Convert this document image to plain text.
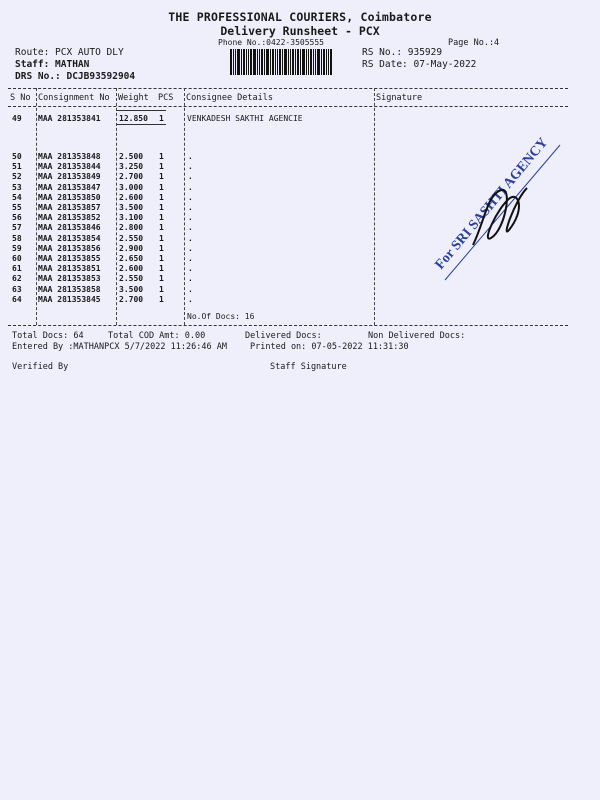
THE PROFESSIONAL COURIERS, Coimbatore
Delivery Runsheet - PCX
Phone No.:0422-3505555	Page No.:4
Route: PCX AUTO DLY
Staff: MATHAN
DRS No.: DCJB93592904
RS No.: 935929
RS Date: 07-May-2022
S No Consignment No Weight PCS Consignee Details	Signature
49 MAA 281353841 12.850 1	VENKADESH SAKTHI AGENCIE
50 MAA 281353848 2.500 1	.
51 MAA 281353844 3.250 1	.
52 MAA 281353849 2.700 1	.
53 MAA 281353847 3.000 1	.
54 MAA 281353850 2.600 1	.
55 MAA 281353857 3.500 1	.
56 MAA 281353852 3.100 1	.
57 MAA 281353846 2.800 1	.
58 MAA 281353854 2.550 1	.
59 MAA 281353856 2.900 1	.
60 MAA 281353855 2.650 1	.
61 MAA 281353851 2.600 1	.
62 MAA 281353853 2.550 1	.
63 MAA 281353858 3.500 1	.
64 MAA 281353845 2.700 1	.
No.Of Docs: 16
Total Docs: 64	Total COD Amt: 0.00	Delivered Docs:	Non Delivered Docs:
Entered By :MATHANPCX 5/7/2022 11:26:46 AM	Printed on: 07-05-2022 11:31:30
Verified By	Staff Signature
For SRI SASHTI AGENCY
